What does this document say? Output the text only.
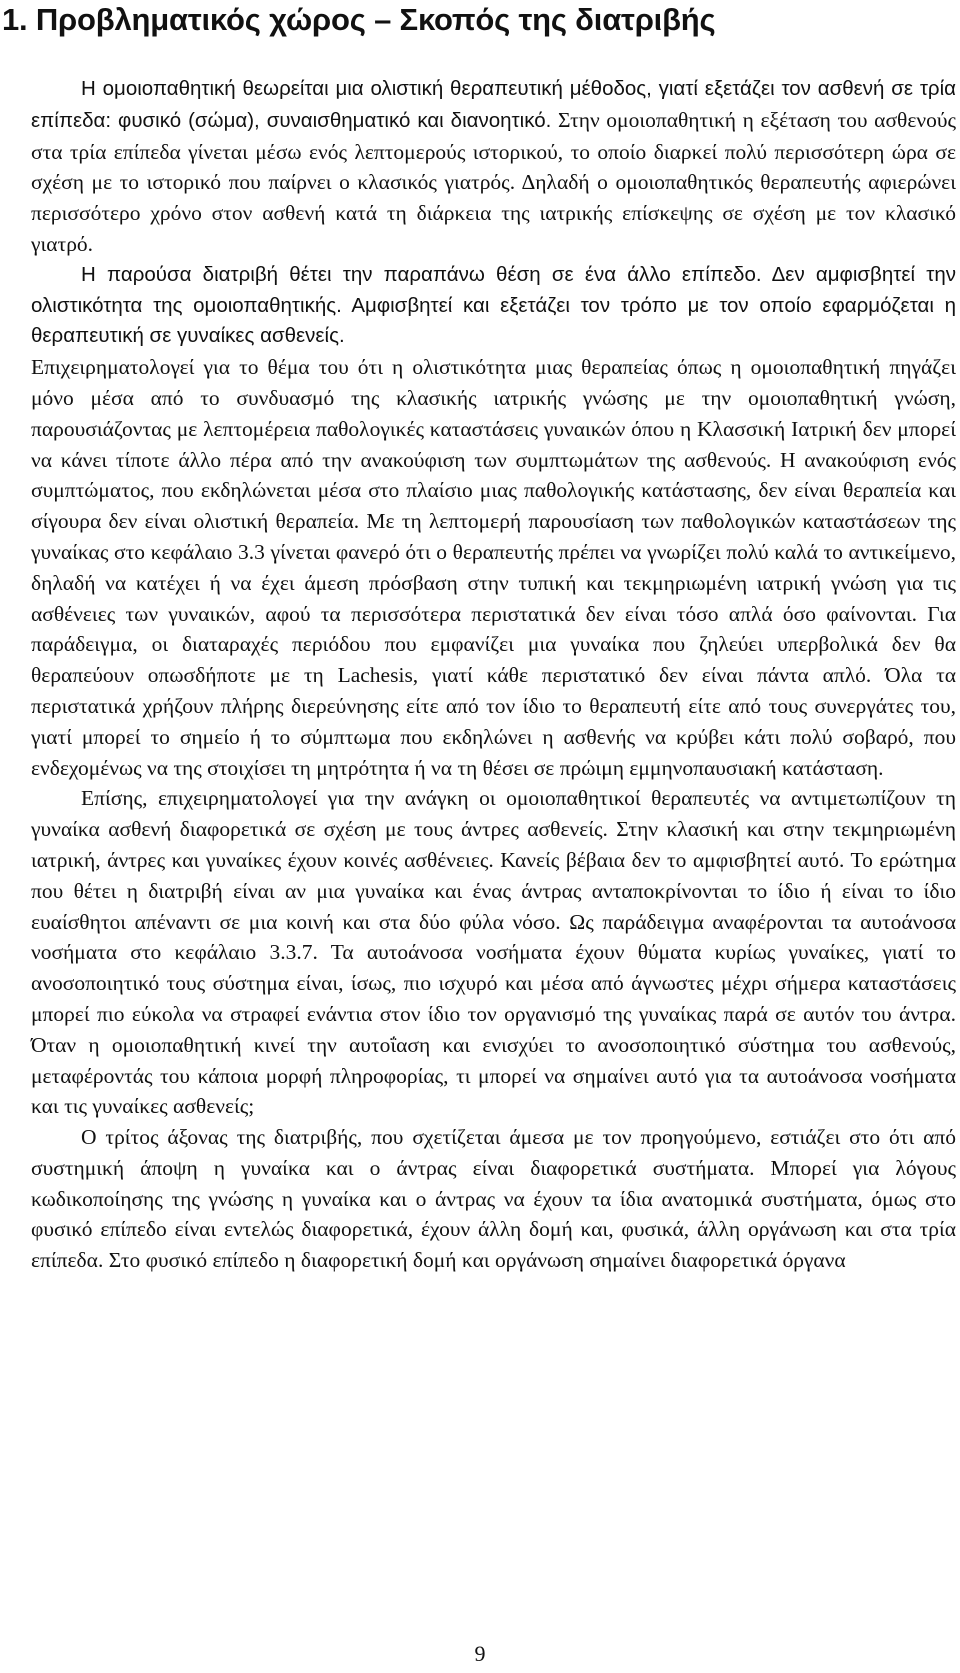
1. Προβληματικός χώρος – Σκοπός της διατριβής

Η ομοιοπαθητική θεωρείται μια ολιστική θεραπευτική μέθοδος, γιατί εξετάζει τον ασθενή σε τρία επίπεδα: φυσικό (σώμα), συναισθηματικό και διανοητικό. Στην ομοιοπαθητική η εξέταση του ασθενούς στα τρία επίπεδα γίνεται μέσω ενός λεπτομερούς ιστορικού, το οποίο διαρκεί πολύ περισσότερη ώρα σε σχέση με το ιστορικό που παίρνει ο κλασικός γιατρός. Δηλαδή ο ομοιοπαθητικός θεραπευτής αφιερώνει περισσότερο χρόνο στον ασθενή κατά τη διάρκεια της ιατρικής επίσκεψης σε σχέση με τον κλασικό γιατρό.

Η παρούσα διατριβή θέτει την παραπάνω θέση σε ένα άλλο επίπεδο. Δεν αμφισβητεί την ολιστικότητα της ομοιοπαθητικής. Αμφισβητεί και εξετάζει τον τρόπο με τον οποίο εφαρμόζεται η θεραπευτική σε γυναίκες ασθενείς.

Επιχειρηματολογεί για το θέμα του ότι η ολιστικότητα μιας θεραπείας όπως η ομοιοπαθητική πηγάζει μόνο μέσα από το συνδυασμό της κλασικής ιατρικής γνώσης με την ομοιοπαθητική γνώση, παρουσιάζοντας με λεπτομέρεια παθολογικές καταστάσεις γυναικών όπου η Κλασσική Ιατρική δεν μπορεί να κάνει τίποτε άλλο πέρα από την ανακούφιση των συμπτωμάτων της ασθενούς. Η ανακούφιση ενός συμπτώματος, που εκδηλώνεται μέσα στο πλαίσιο μιας παθολογικής κατάστασης, δεν είναι θεραπεία και σίγουρα δεν είναι ολιστική θεραπεία. Με τη λεπτομερή παρουσίαση των παθολογικών καταστάσεων της γυναίκας στο κεφάλαιο 3.3 γίνεται φανερό ότι ο θεραπευτής πρέπει να γνωρίζει πολύ καλά το αντικείμενο, δηλαδή να κατέχει ή να έχει άμεση πρόσβαση στην τυπική και τεκμηριωμένη ιατρική γνώση για τις ασθένειες των γυναικών, αφού τα περισσότερα περιστατικά δεν είναι τόσο απλά όσο φαίνονται. Για παράδειγμα, οι διαταραχές περιόδου που εμφανίζει μια γυναίκα που ζηλεύει υπερβολικά δεν θα θεραπεύουν οπωσδήποτε με τη Lachesis, γιατί κάθε περιστατικό δεν είναι πάντα απλό. Όλα τα περιστατικά χρήζουν πλήρης διερεύνησης είτε από τον ίδιο το θεραπευτή είτε από τους συνεργάτες του, γιατί μπορεί το σημείο ή το σύμπτωμα που εκδηλώνει η ασθενής να κρύβει κάτι πολύ σοβαρό, που ενδεχομένως να της στοιχίσει τη μητρότητα ή να τη θέσει σε πρώιμη εμμηνοπαυσιακή κατάσταση.

Επίσης, επιχειρηματολογεί για την ανάγκη οι ομοιοπαθητικοί θεραπευτές να αντιμετωπίζουν τη γυναίκα ασθενή διαφορετικά σε σχέση με τους άντρες ασθενείς. Στην κλασική και στην τεκμηριωμένη ιατρική, άντρες και γυναίκες έχουν κοινές ασθένειες. Κανείς βέβαια δεν το αμφισβητεί αυτό. Το ερώτημα που θέτει η διατριβή είναι αν μια γυναίκα και ένας άντρας ανταποκρίνονται το ίδιο ή είναι το ίδιο ευαίσθητοι απέναντι σε μια κοινή και στα δύο φύλα νόσο. Ως παράδειγμα αναφέρονται τα αυτοάνοσα νοσήματα στο κεφάλαιο 3.3.7. Τα αυτοάνοσα νοσήματα έχουν θύματα κυρίως γυναίκες, γιατί το ανοσοποιητικό τους σύστημα είναι, ίσως, πιο ισχυρό και μέσα από άγνωστες μέχρι σήμερα καταστάσεις μπορεί πιο εύκολα να στραφεί ενάντια στον ίδιο τον οργανισμό της γυναίκας παρά σε αυτόν του άντρα. Όταν η ομοιοπαθητική κινεί την αυτοΐαση και ενισχύει το ανοσοποιητικό σύστημα του ασθενούς, μεταφέροντάς του κάποια μορφή πληροφορίας, τι μπορεί να σημαίνει αυτό για τα αυτοάνοσα νοσήματα και τις γυναίκες ασθενείς;

Ο τρίτος άξονας της διατριβής, που σχετίζεται άμεσα με τον προηγούμενο, εστιάζει στο ότι από συστημική άποψη η γυναίκα και ο άντρας είναι διαφορετικά συστήματα. Μπορεί για λόγους κωδικοποίησης της γνώσης η γυναίκα και ο άντρας να έχουν τα ίδια ανατομικά συστήματα, όμως στο φυσικό επίπεδο είναι εντελώς διαφορετικά, έχουν άλλη δομή και, φυσικά, άλλη οργάνωση και στα τρία επίπεδα. Στο φυσικό επίπεδο η διαφορετική δομή και οργάνωση σημαίνει διαφορετικά όργανα

9
